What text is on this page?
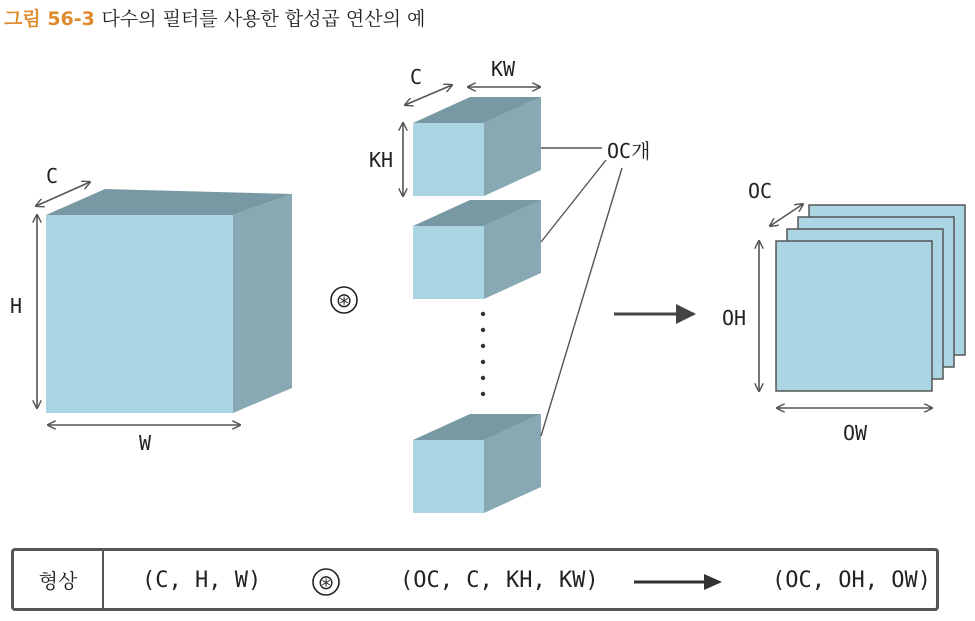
그림 56-3 다수의 필터를 사용한 합성곱 연산의 예
C
H
W
⊛
C	KW
KH	OC개
OC
OH
OW
형상	(C, H, W)	⊛	(OC, C, KH, KW)	(OC, OH, OW)
